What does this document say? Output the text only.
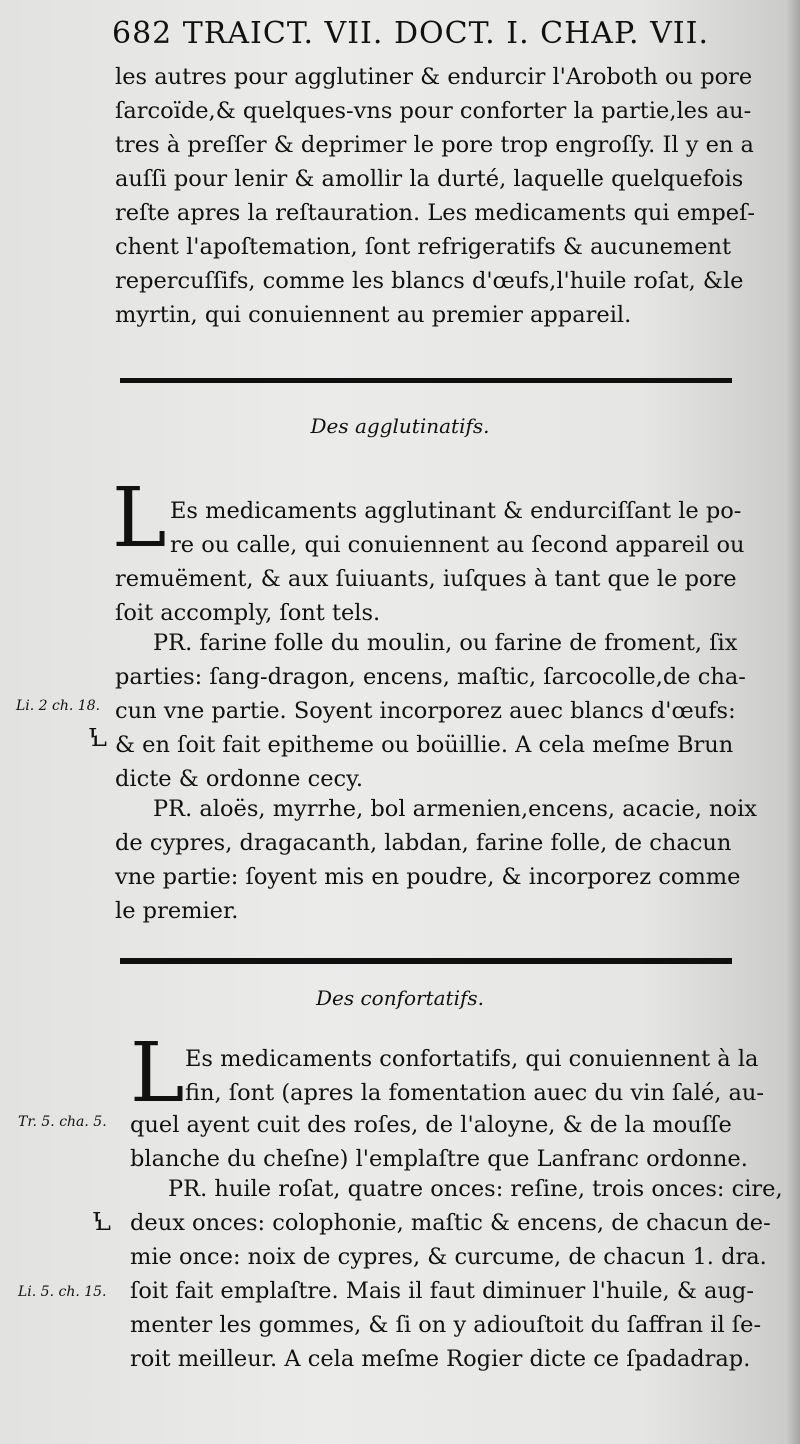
682 TRAICT. VII. DOCT. I. CHAP. VII.
les autres pour agglutiner & endurcir l'Aroboth ou pore
ſarcoïde,& quelques-vns pour conforter la partie,les au-
tres à preſſer & deprimer le pore trop engroſſy. Il y en a
auſſi pour lenir & amollir la durté, laquelle quelquefois
reſte apres la reſtauration. Les medicaments qui empeſ-
chent l'apoſtemation, ſont refrigeratifs & aucunement
repercuſſifs, comme les blancs d'œufs,l'huile roſat, &le
myrtin, qui conuiennent au premier appareil.
Des agglutinatifs.
L Es medicaments agglutinant & endurciſſant le po-
re ou calle, qui conuiennent au ſecond appareil ou
remuëment, & aux ſuiuants, iuſques à tant que le pore
ſoit accomply, ſont tels.
PR. farine folle du moulin, ou farine de froment, ſix
parties: ſang-dragon, encens, maſtic, ſarcocolle,de cha-
cun vne partie. Soyent incorporez auec blancs d'œufs:
& en ſoit fait epitheme ou boüillie. A cela meſme Brun
dicte & ordonne cecy.
PR. aloës, myrrhe, bol armenien,encens, acacie, noix
de cypres, dragacanth, labdan, farine folle, de chacun
vne partie: ſoyent mis en poudre, & incorporez comme
le premier.
Li. 2 ch. 18.
Ꝇ
Des confortatifs.
L Es medicaments confortatifs, qui conuiennent à la
fin, ſont (apres la fomentation auec du vin ſalé, au-
quel ayent cuit des roſes, de l'aloyne, & de la mouſſe
blanche du cheſne) l'emplaſtre que Lanfranc ordonne.
PR. huile roſat, quatre onces: reſine, trois onces: cire,
deux onces: colophonie, maſtic & encens, de chacun de-
mie once: noix de cypres, & curcume, de chacun 1. dra.
ſoit fait emplaſtre. Mais il faut diminuer l'huile, & aug-
menter les gommes, & ſi on y adiouſtoit du ſaffran il ſe-
roit meilleur. A cela meſme Rogier dicte ce ſpadadrap.
Tr. 5. cha. 5.
Ꝇ
Li. 5. ch. 15.
